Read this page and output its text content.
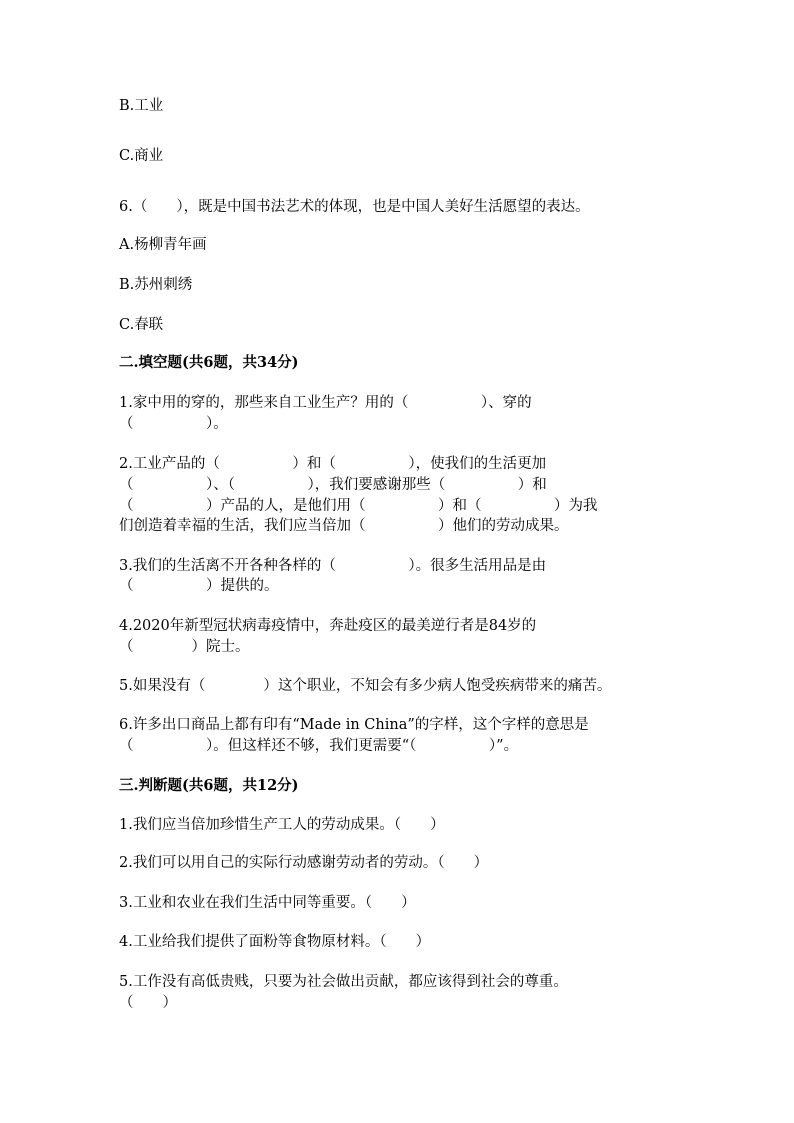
B.工业

C.商业

6.（　　），既是中国书法艺术的体现，也是中国人美好生活愿望的表达。

A.杨柳青年画

B.苏州刺绣

C.春联

二.填空题(共6题，共34分)

1.家中用的穿的，那些来自工业生产？用的（　　　　　）、穿的

（　　　　　）。

2.工业产品的（　　　　　）和（　　　　　），使我们的生活更加

（　　　　　）、（　　　　　），我们要感谢那些（　　　　　）和

（　　　　　）产品的人，是他们用（　　　　　）和（　　　　　）为我

们创造着幸福的生活，我们应当倍加（　　　　　）他们的劳动成果。

3.我们的生活离不开各种各样的（　　　　　）。很多生活用品是由

（　　　　　）提供的。

4.2020年新型冠状病毒疫情中，奔赴疫区的最美逆行者是84岁的

（　　　　）院士。

5.如果没有（　　　　）这个职业，不知会有多少病人饱受疾病带来的痛苦。

6.许多出口商品上都有印有“Made in China”的字样，这个字样的意思是

（　　　　　）。但这样还不够，我们更需要“（　　　　　）”。

三.判断题(共6题，共12分)

1.我们应当倍加珍惜生产工人的劳动成果。（　　）

2.我们可以用自己的实际行动感谢劳动者的劳动。（　　）

3.工业和农业在我们生活中同等重要。（　　）

4.工业给我们提供了面粉等食物原材料。（　　）

5.工作没有高低贵贱，只要为社会做出贡献，都应该得到社会的尊重。

（　　）
